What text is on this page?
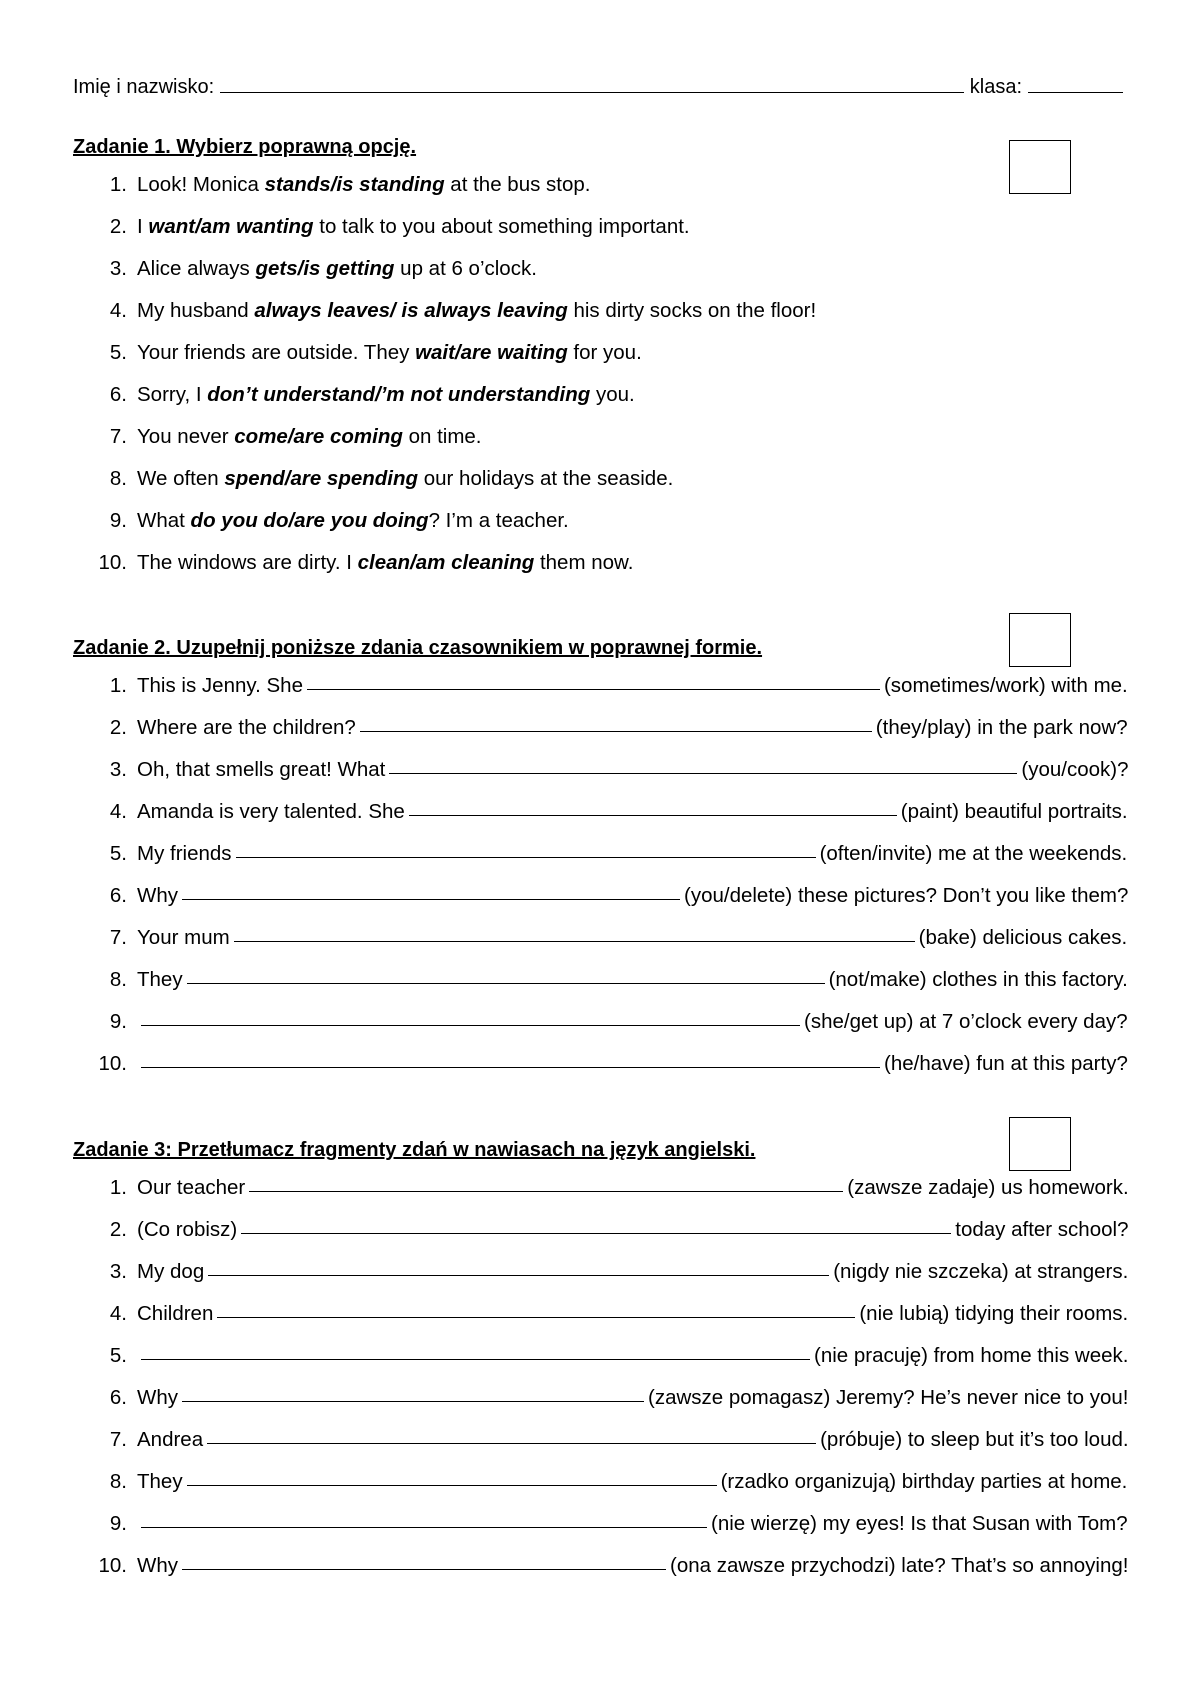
Imię i nazwisko:	klasa:
Zadanie 1. Wybierz poprawną opcję.
1. Look! Monica stands/is standing at the bus stop.
2. I want/am wanting to talk to you about something important.
3. Alice always gets/is getting up at 6 o’clock.
4. My husband always leaves/ is always leaving his dirty socks on the floor!
5. Your friends are outside. They wait/are waiting for you.
6. Sorry, I don’t understand/’m not understanding you.
7. You never come/are coming on time.
8. We often spend/are spending our holidays at the seaside.
9. What do you do/are you doing? I’m a teacher.
10. The windows are dirty. I clean/am cleaning them now.
Zadanie 2. Uzupełnij poniższe zdania czasownikiem w poprawnej formie.
1. This is Jenny. She	(sometimes/work) with me.
2. Where are the children?	(they/play) in the park now?
3. Oh, that smells great! What	(you/cook)?
4. Amanda is very talented. She	(paint) beautiful portraits.
5. My friends	(often/invite) me at the weekends.
6. Why	(you/delete) these pictures? Don’t you like them?
7. Your mum	(bake) delicious cakes.
8. They	(not/make) clothes in this factory.
9.	(she/get up) at 7 o’clock every day?
10.	(he/have) fun at this party?
Zadanie 3: Przetłumacz fragmenty zdań w nawiasach na język angielski.
1. Our teacher	(zawsze zadaje) us homework.
2. (Co robisz)	today after school?
3. My dog	(nigdy nie szczeka) at strangers.
4. Children	(nie lubią) tidying their rooms.
5.	(nie pracuję) from home this week.
6. Why	(zawsze pomagasz) Jeremy? He’s never nice to you!
7. Andrea	(próbuje) to sleep but it’s too loud.
8. They	(rzadko organizują) birthday parties at home.
9.	(nie wierzę) my eyes! Is that Susan with Tom?
10. Why	(ona zawsze przychodzi) late? That’s so annoying!
